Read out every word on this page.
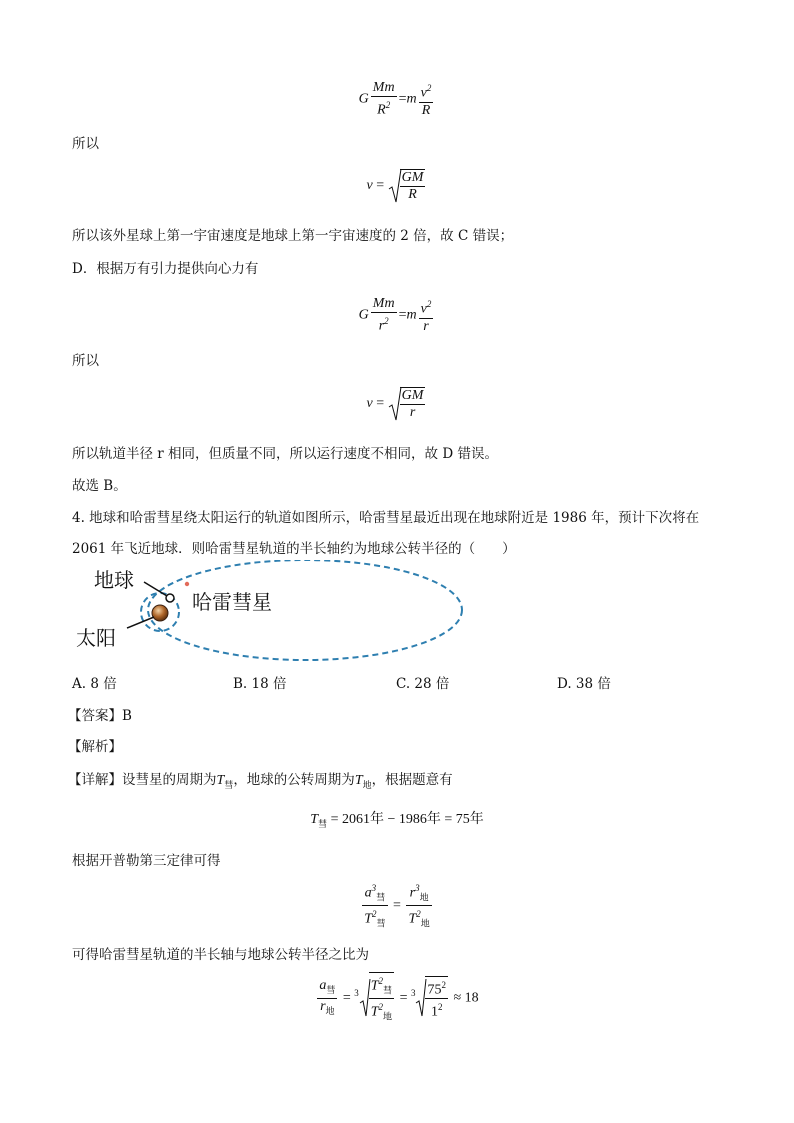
G $\frac{Mm}{R^2} =m \frac{v^2}{R}$
所以
$v = \frac{GM}{R}$
所以该外星球上第一宇宙速度是地球上第一宇宙速度的 2 倍，故 C 错误；
D．根据万有引力提供向心力有
G $\frac{Mm}{r^2} =m \frac{v^2}{r}$
所以
$v = \frac{GM}{r}$
所以轨道半径 r 相同，但质量不同，所以运行速度不相同，故 D 错误。
故选 B。
4. 地球和哈雷彗星绕太阳运行的轨道如图所示，哈雷彗星最近出现在地球附近是 1986 年，预计下次将在
2061 年飞近地球．则哈雷彗星轨道的半长轴约为地球公转半径的（　　）
地球
哈雷彗星
太阳
A. 8 倍	B. 18 倍	C. 28 倍	D. 38 倍
【答案】B
【解析】
【详解】设彗星的周期为$T_彗$，地球的公转周期为$T_地$，根据题意有
$T_彗 = 2061$年 − 1986年 = 75年
根据开普勒第三定律可得
$\frac{a^3_彗}{T^2_彗} = \frac{r^3_地}{T^2_地}$
可得哈雷彗星轨道的半长轴与地球公转半径之比为
$\frac{a_彗}{r_地} = ^3 \frac{T^2_彗}{T^2_地} = ^3 \frac{75^2}{1^2} \approx 18$
